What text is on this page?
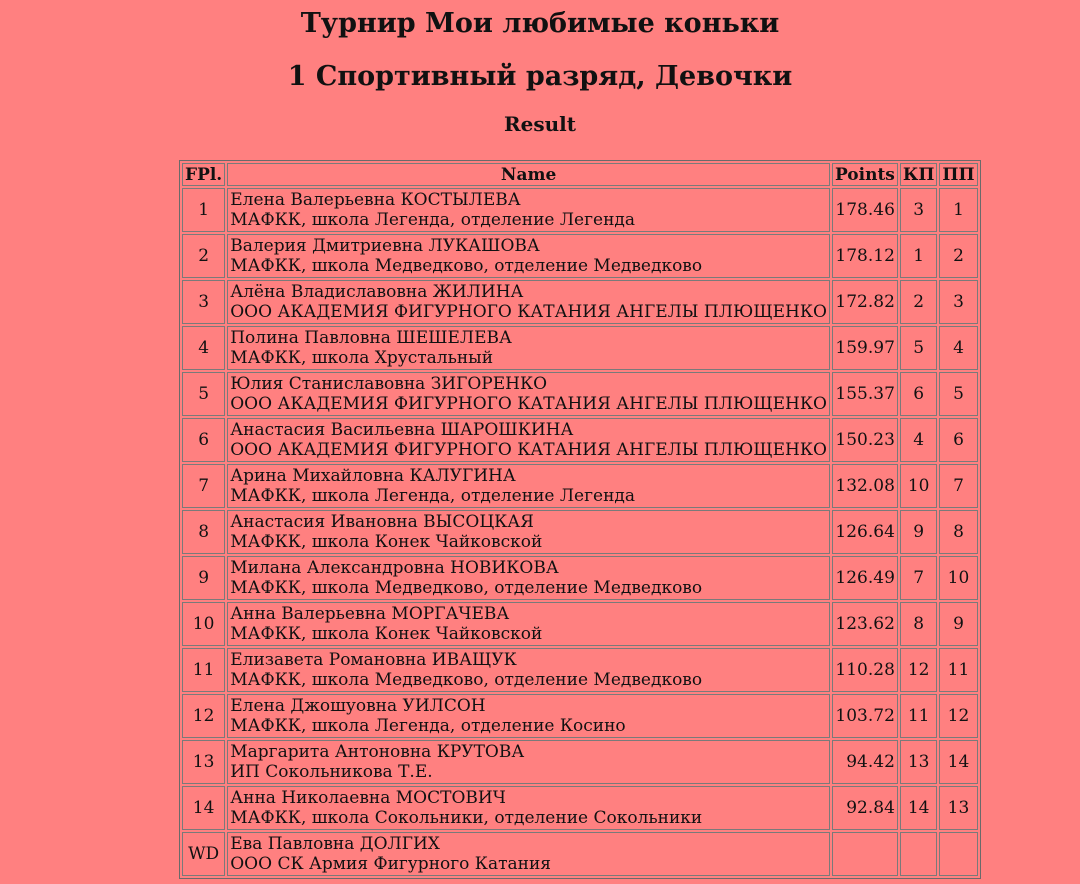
Турнир Мои любимые коньки
1 Спортивный разряд, Девочки
Result
FPl.	Name	Points	КП	ПП
1	Елена Валерьевна КОСТЫЛЕВА
МАФКК, школа Легенда, отделение Легенда	178.46	3	1
2	Валерия Дмитриевна ЛУКАШОВА
МАФКК, школа Медведково, отделение Медведково	178.12	1	2
3	Алёна Владиславовна ЖИЛИНА
ООО АКАДЕМИЯ ФИГУРНОГО КАТАНИЯ АНГЕЛЫ ПЛЮЩЕНКО	172.82	2	3
4	Полина Павловна ШЕШЕЛЕВА
МАФКК, школа Хрустальный	159.97	5	4
5	Юлия Станиславовна ЗИГОРЕНКО
ООО АКАДЕМИЯ ФИГУРНОГО КАТАНИЯ АНГЕЛЫ ПЛЮЩЕНКО	155.37	6	5
6	Анастасия Васильевна ШАРОШКИНА
ООО АКАДЕМИЯ ФИГУРНОГО КАТАНИЯ АНГЕЛЫ ПЛЮЩЕНКО	150.23	4	6
7	Арина Михайловна КАЛУГИНА
МАФКК, школа Легенда, отделение Легенда	132.08	10	7
8	Анастасия Ивановна ВЫСОЦКАЯ
МАФКК, школа Конек Чайковской	126.64	9	8
9	Милана Александровна НОВИКОВА
МАФКК, школа Медведково, отделение Медведково	126.49	7	10
10	Анна Валерьевна МОРГАЧЕВА
МАФКК, школа Конек Чайковской	123.62	8	9
11	Елизавета Романовна ИВАЩУК
МАФКК, школа Медведково, отделение Медведково	110.28	12	11
12	Елена Джошуовна УИЛСОН
МАФКК, школа Легенда, отделение Косино	103.72	11	12
13	Маргарита Антоновна КРУТОВА
ИП Сокольникова Т.Е.	94.42	13	14
14	Анна Николаевна МОСТОВИЧ
МАФКК, школа Сокольники, отделение Сокольники	92.84	14	13
WD	Ева Павловна ДОЛГИХ
ООО СК Армия Фигурного Катания			
